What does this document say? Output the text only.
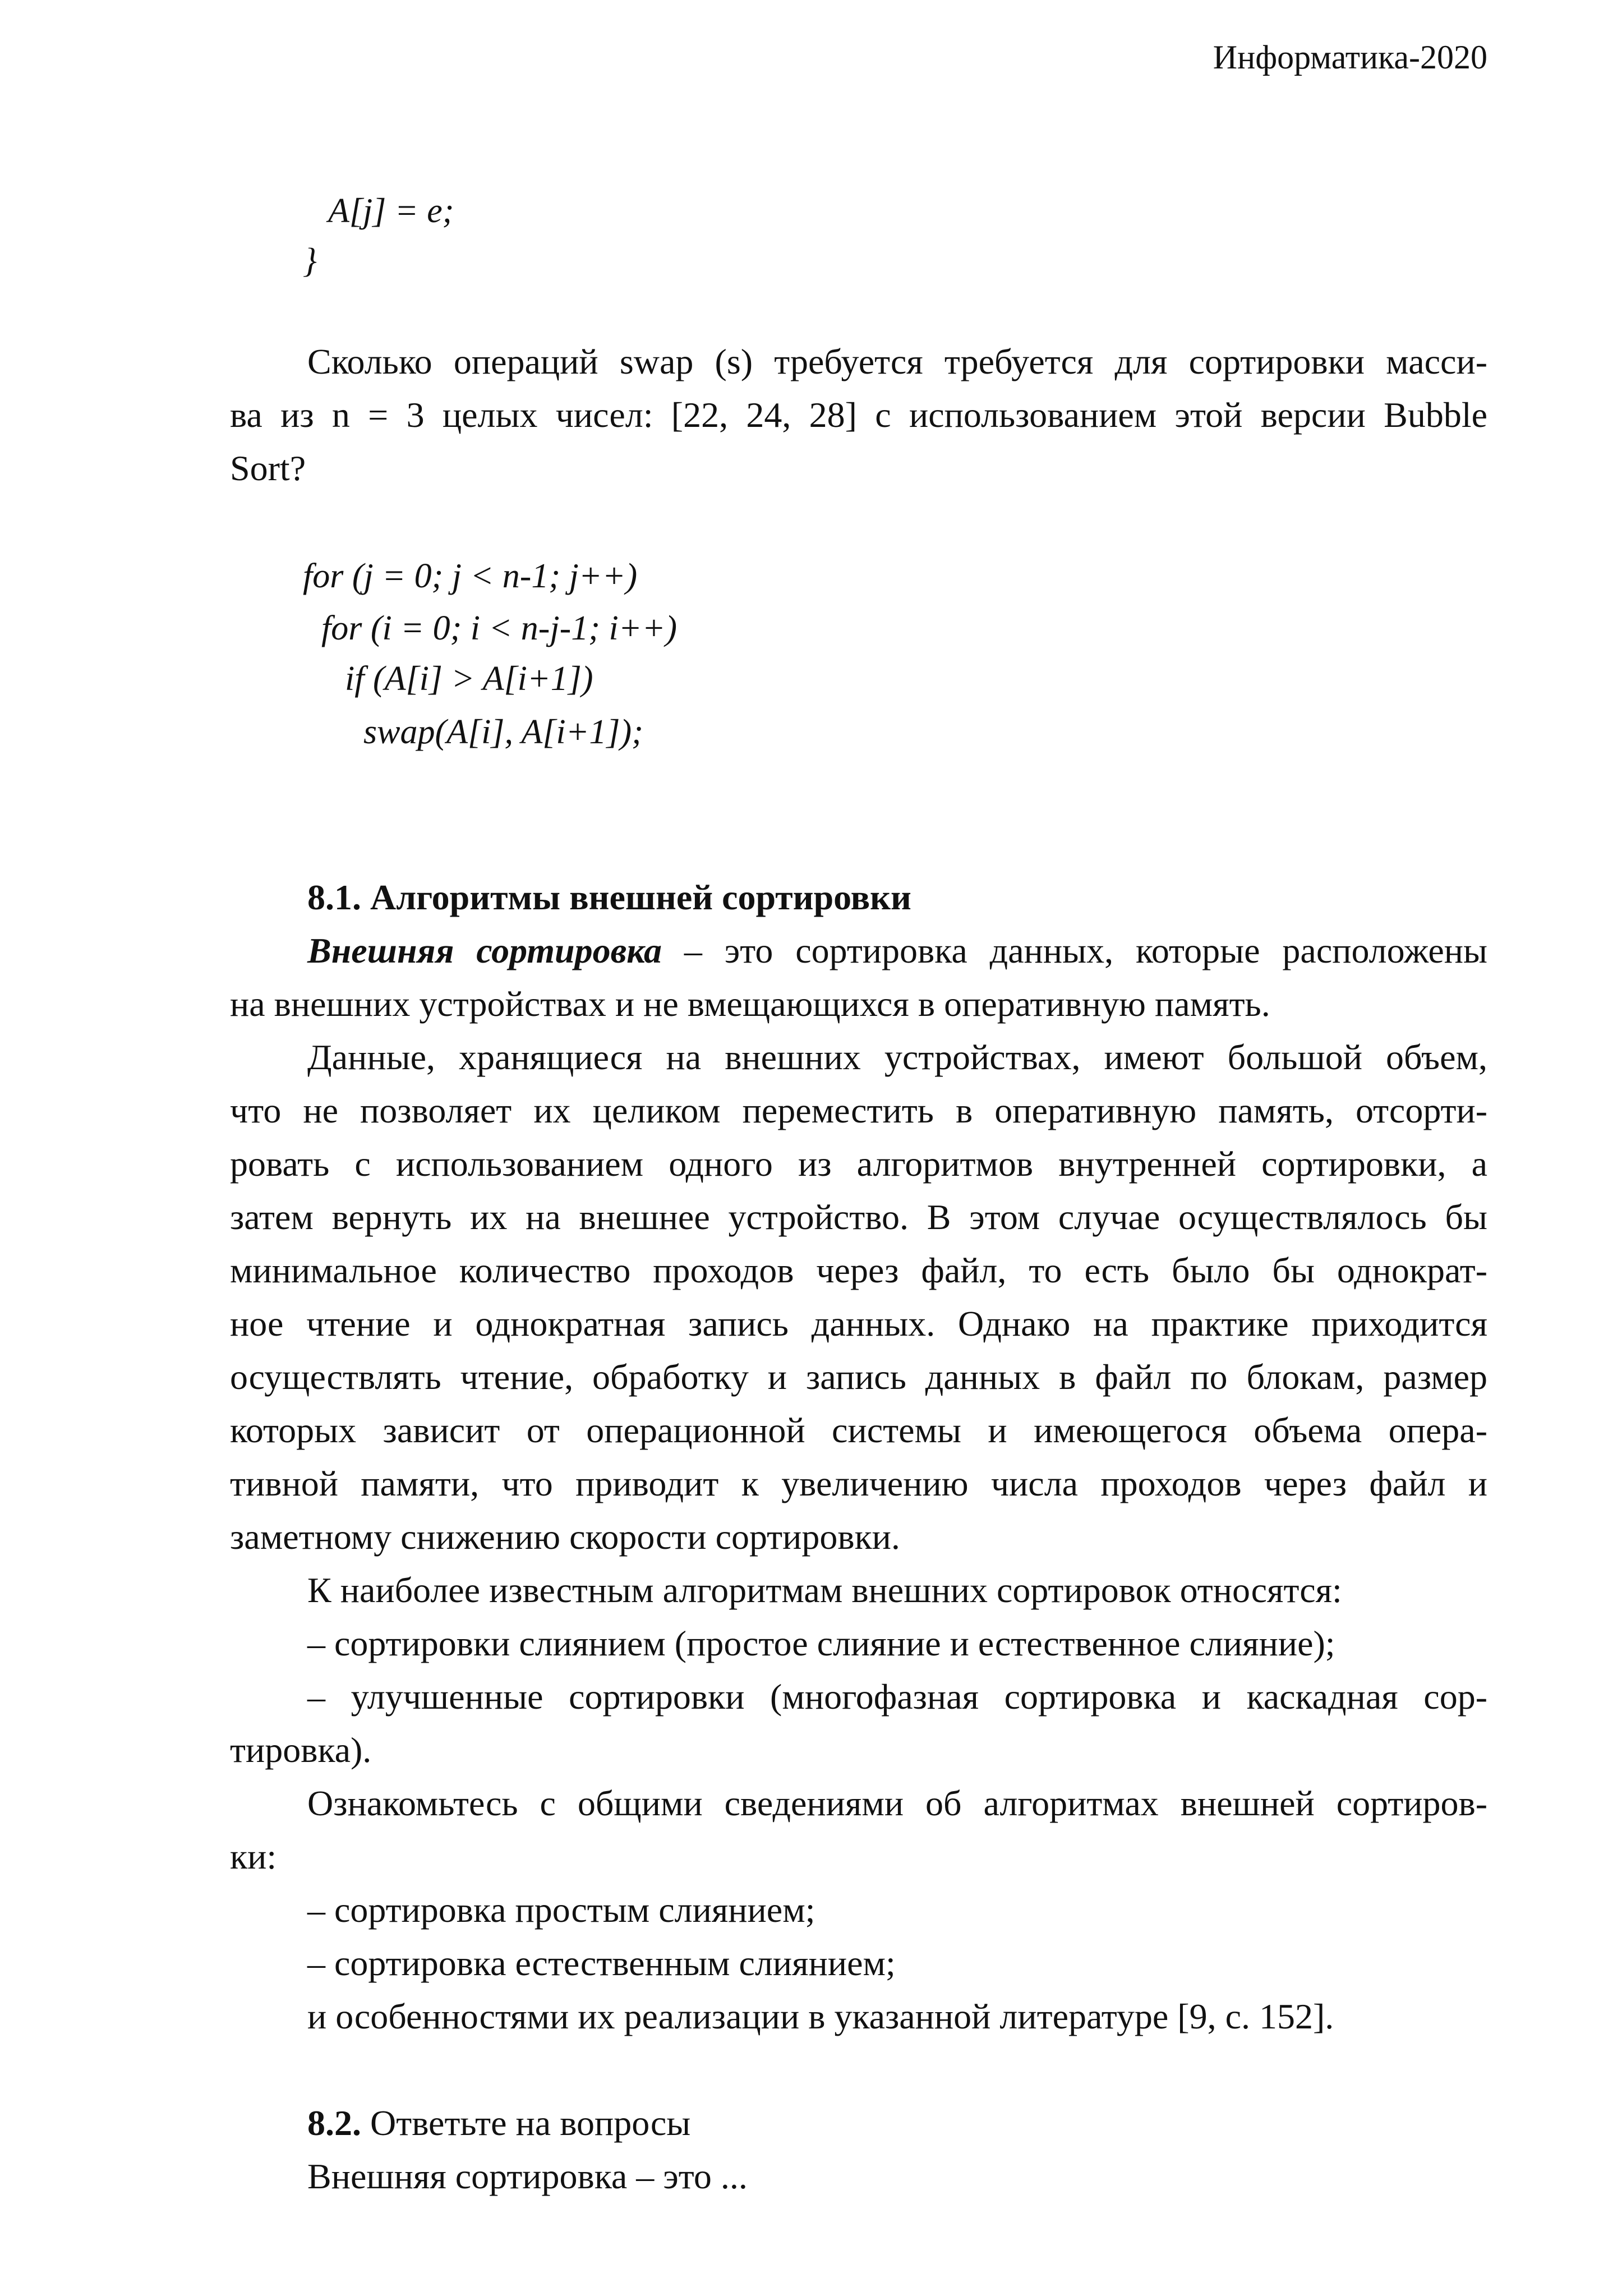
Информатика-2020
A[j] = e;
}
Сколько операций swap (s) требуется требуется для сортировки масси-
ва из n = 3 целых чисел: [22, 24, 28] с использованием этой версии Bubble
Sort?
for (j = 0; j < n-1; j++)
for (i = 0; i < n-j-1; i++)
if (A[i] > A[i+1])
swap(A[i], A[i+1]);
8.1. Алгоритмы внешней сортировки
Внешняя сортировка – это сортировка данных, которые расположены
на внешних устройствах и не вмещающихся в оперативную память.
Данные, хранящиеся на внешних устройствах, имеют большой объем,
что не позволяет их целиком переместить в оперативную память, отсорти-
ровать с использованием одного из алгоритмов внутренней сортировки, а
затем вернуть их на внешнее устройство. В этом случае осуществлялось бы
минимальное количество проходов через файл, то есть было бы однократ-
ное чтение и однократная запись данных. Однако на практике приходится
осуществлять чтение, обработку и запись данных в файл по блокам, размер
которых зависит от операционной системы и имеющегося объема опера-
тивной памяти, что приводит к увеличению числа проходов через файл и
заметному снижению скорости сортировки.
К наиболее известным алгоритмам внешних сортировок относятся:
– сортировки слиянием (простое слияние и естественное слияние);
– улучшенные сортировки (многофазная сортировка и каскадная сор-
тировка).
Ознакомьтесь с общими сведениями об алгоритмах внешней сортиров-
ки:
– сортировка простым слиянием;
– сортировка естественным слиянием;
и особенностями их реализации в указанной литературе [9, с. 152].
8.2. Ответьте на вопросы
Внешняя сортировка – это ...
